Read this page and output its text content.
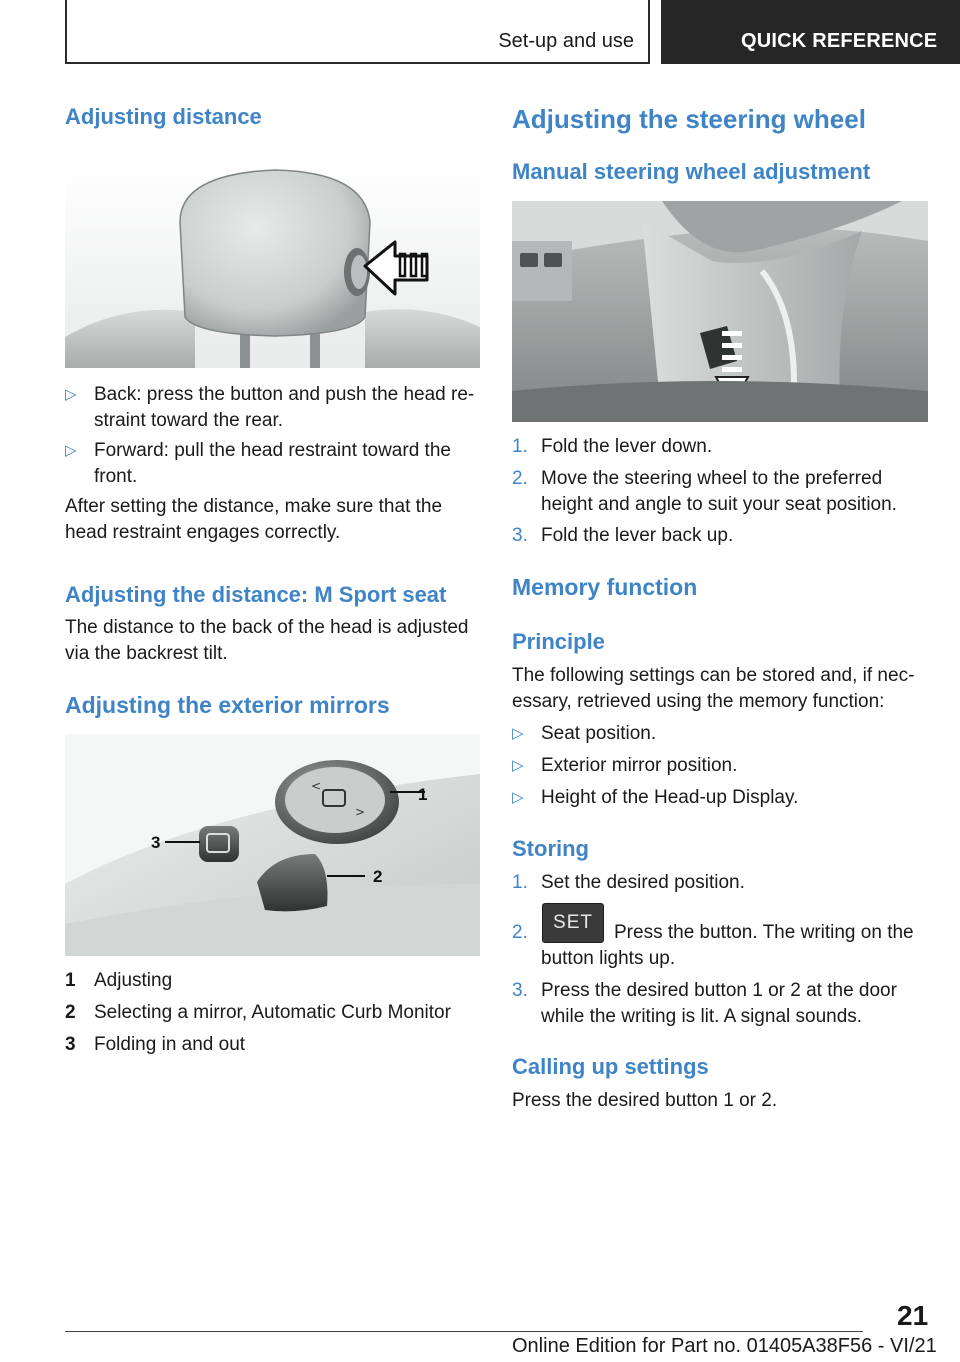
Set-up and use	QUICK REFERENCE
Adjusting distance
▷ Back: press the button and push the head re‐ straint toward the rear.
▷ Forward: pull the head restraint toward the front.
After setting the distance, make sure that the head restraint engages correctly.
Adjusting the distance: M Sport seat
The distance to the back of the head is adjusted via the backrest tilt.
Adjusting the exterior mirrors
<
>
1
2
3
1 Adjusting
2 Selecting a mirror, Automatic Curb Monitor
3 Folding in and out
Adjusting the steering wheel
Manual steering wheel adjustment
1. Fold the lever down.
2. Move the steering wheel to the preferred height and angle to suit your seat position.
3. Fold the lever back up.
Memory function
Principle
The following settings can be stored and, if nec‐ essary, retrieved using the memory function:
▷ Seat position.
▷ Exterior mirror position.
▷ Height of the Head-up Display.
Storing
1. Set the desired position.
2.	Press the button. The writing on the button lights up.
SET
3. Press the desired button 1 or 2 at the door while the writing is lit. A signal sounds.
Calling up settings
Press the desired button 1 or 2.
21
Online Edition for Part no. 01405A38F56 - VI/21
